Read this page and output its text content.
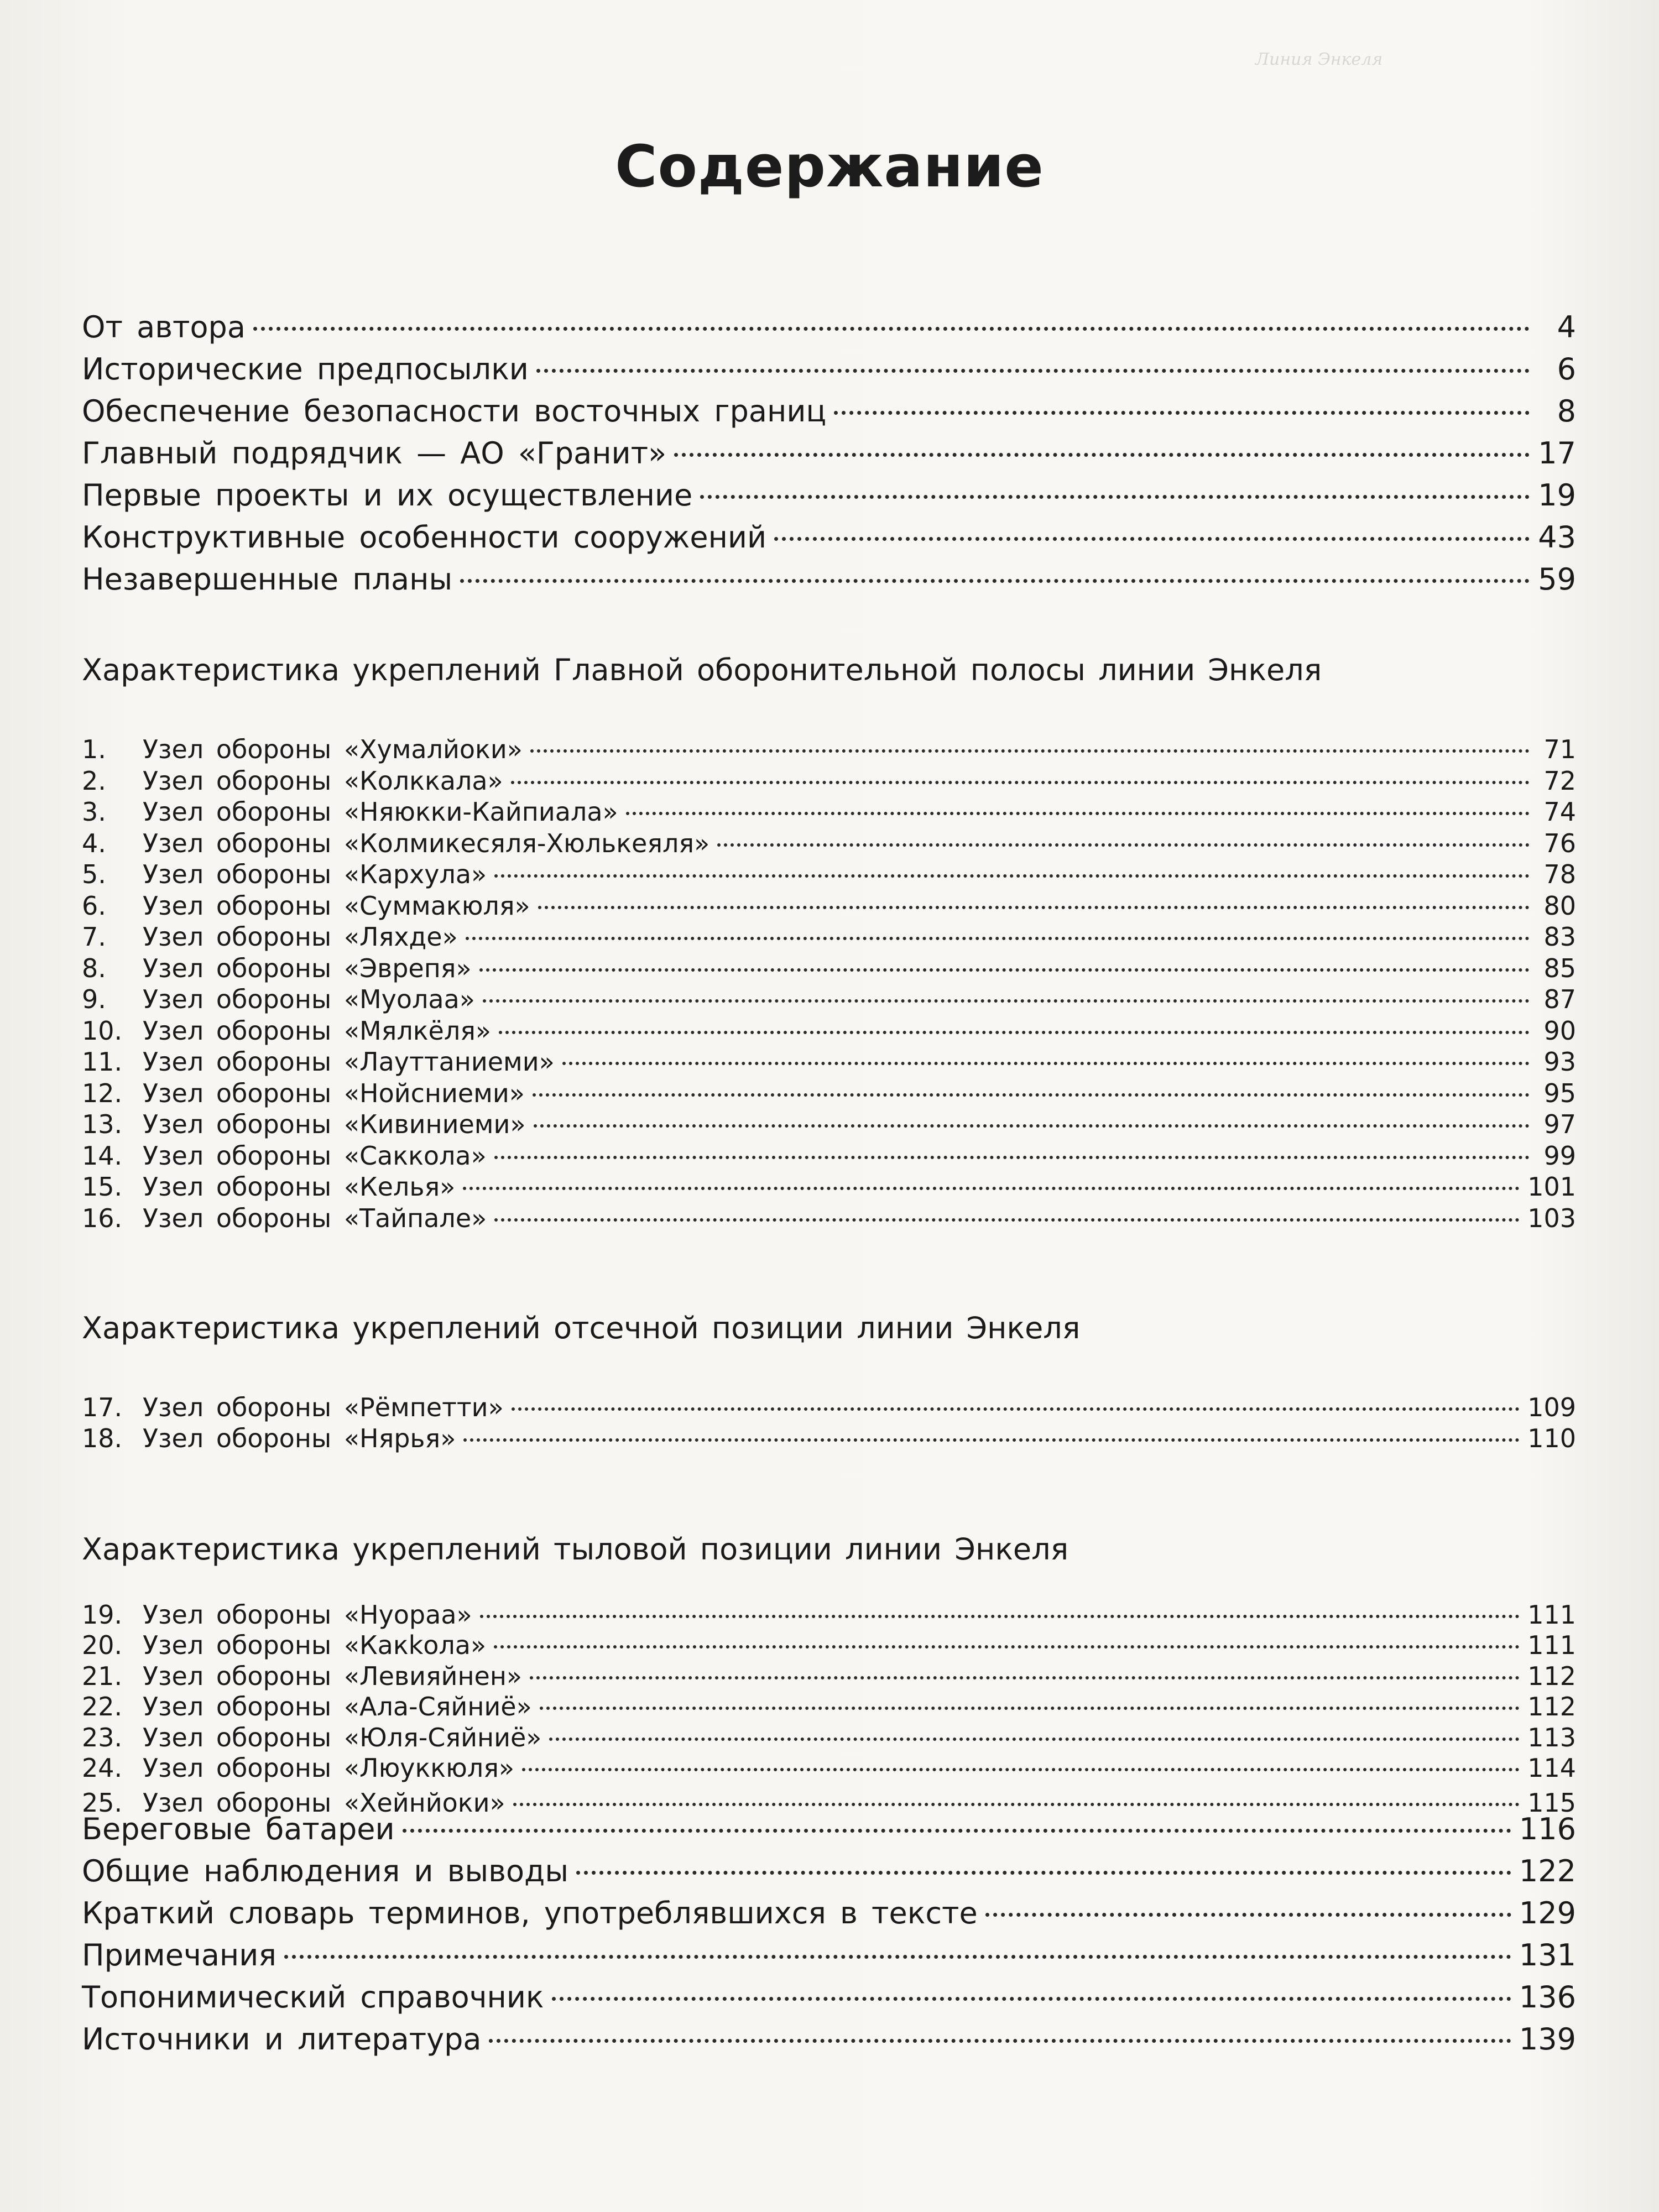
Линия Энкеля
Содержание
От автора	4
Исторические предпосылки	6
Обеспечение безопасности восточных границ	8
Главный подрядчик — АО «Гранит»	17
Первые проекты и их осуществление	19
Конструктивные особенности сооружений	43
Незавершенные планы	59
Характеристика укреплений Главной оборонительной полосы линии Энкеля
1. Узел обороны «Хумалйоки»	71
2. Узел обороны «Колккала»	72
3. Узел обороны «Няюкки-Кайпиала»	74
4. Узел обороны «Колмикесяля-Хюлькеяля»	76
5. Узел обороны «Кархула»	78
6. Узел обороны «Суммакюля»	80
7. Узел обороны «Ляхде»	83
8. Узел обороны «Эврепя»	85
9. Узел обороны «Муолаа»	87
10. Узел обороны «Мялкёля»	90
11. Узел обороны «Лауттаниеми»	93
12. Узел обороны «Нойсниеми»	95
13. Узел обороны «Кивиниеми»	97
14. Узел обороны «Саккола»	99
15. Узел обороны «Келья»	101
16. Узел обороны «Тайпале»	103
Характеристика укреплений отсечной позиции линии Энкеля
17. Узел обороны «Рёмпетти»	109
18. Узел обороны «Нярья»	110
Характеристика укреплений тыловой позиции линии Энкеля
19. Узел обороны «Нуораа»	111
20. Узел обороны «Какkола»	111
21. Узел обороны «Левияйнен»	112
22. Узел обороны «Ала-Сяйниё»	112
23. Узел обороны «Юля-Сяйниё»	113
24. Узел обороны «Люуккюля»	114
25. Узел обороны «Хейнйоки»	115
Береговые батареи	116
Общие наблюдения и выводы	122
Краткий словарь терминов, употреблявшихся в тексте	129
Примечания	131
Топонимический справочник	136
Источники и литература	139
